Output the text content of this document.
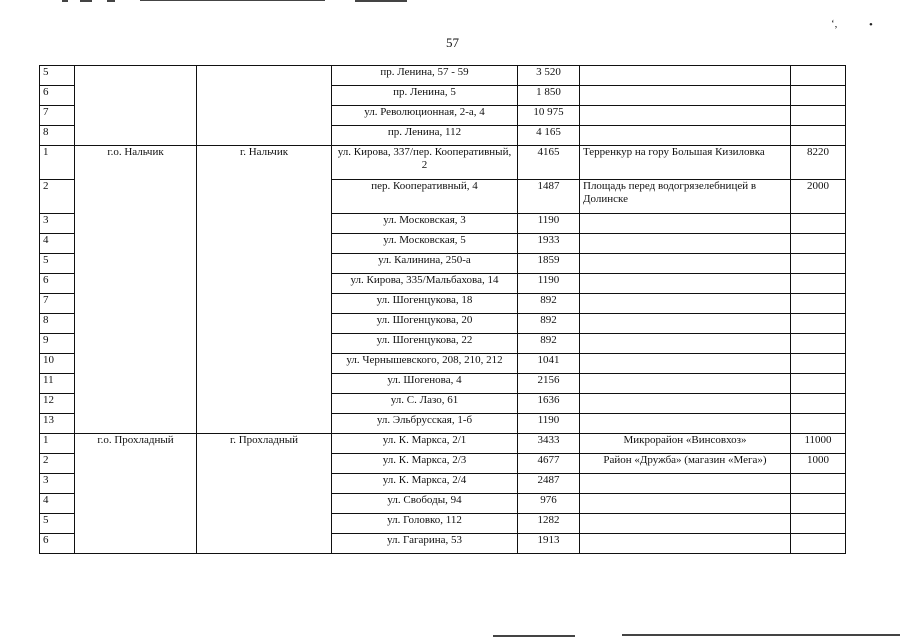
‘,	•
57
5			пр. Ленина, 57 - 59	3 520		
6			пр. Ленина, 5	1 850		
7			ул. Революционная, 2-а, 4	10 975		
8			пр. Ленина, 112	4 165		
1	г.о. Нальчик	г. Нальчик	ул. Кирова, 337/пер. Кооперативный, 2	4165	Терренкур на гору Большая Кизиловка	8220
2			пер. Кооперативный, 4	1487	Площадь перед водогрязелебницей в Долинске	2000
3			ул. Московская, 3	1190		
4			ул. Московская, 5	1933		
5			ул. Калинина, 250-а	1859		
6			ул. Кирова, 335/Мальбахова, 14	1190		
7			ул. Шогенцукова, 18	892		
8			ул. Шогенцукова, 20	892		
9			ул. Шогенцукова, 22	892		
10			ул. Чернышевского, 208, 210, 212	1041		
11			ул. Шогенова, 4	2156		
12			ул. С. Лазо, 61	1636		
13			ул. Эльбрусская, 1-б	1190		
1	г.о. Прохладный	г. Прохладный	ул. К. Маркса, 2/1	3433	Микрорайон «Винсовхоз»	11000
2			ул. К. Маркса, 2/3	4677	Район «Дружба» (магазин «Мега»)	1000
3			ул. К. Маркса, 2/4	2487		
4			ул. Свободы, 94	976		
5			ул. Головко, 112	1282		
6			ул. Гагарина, 53	1913		
